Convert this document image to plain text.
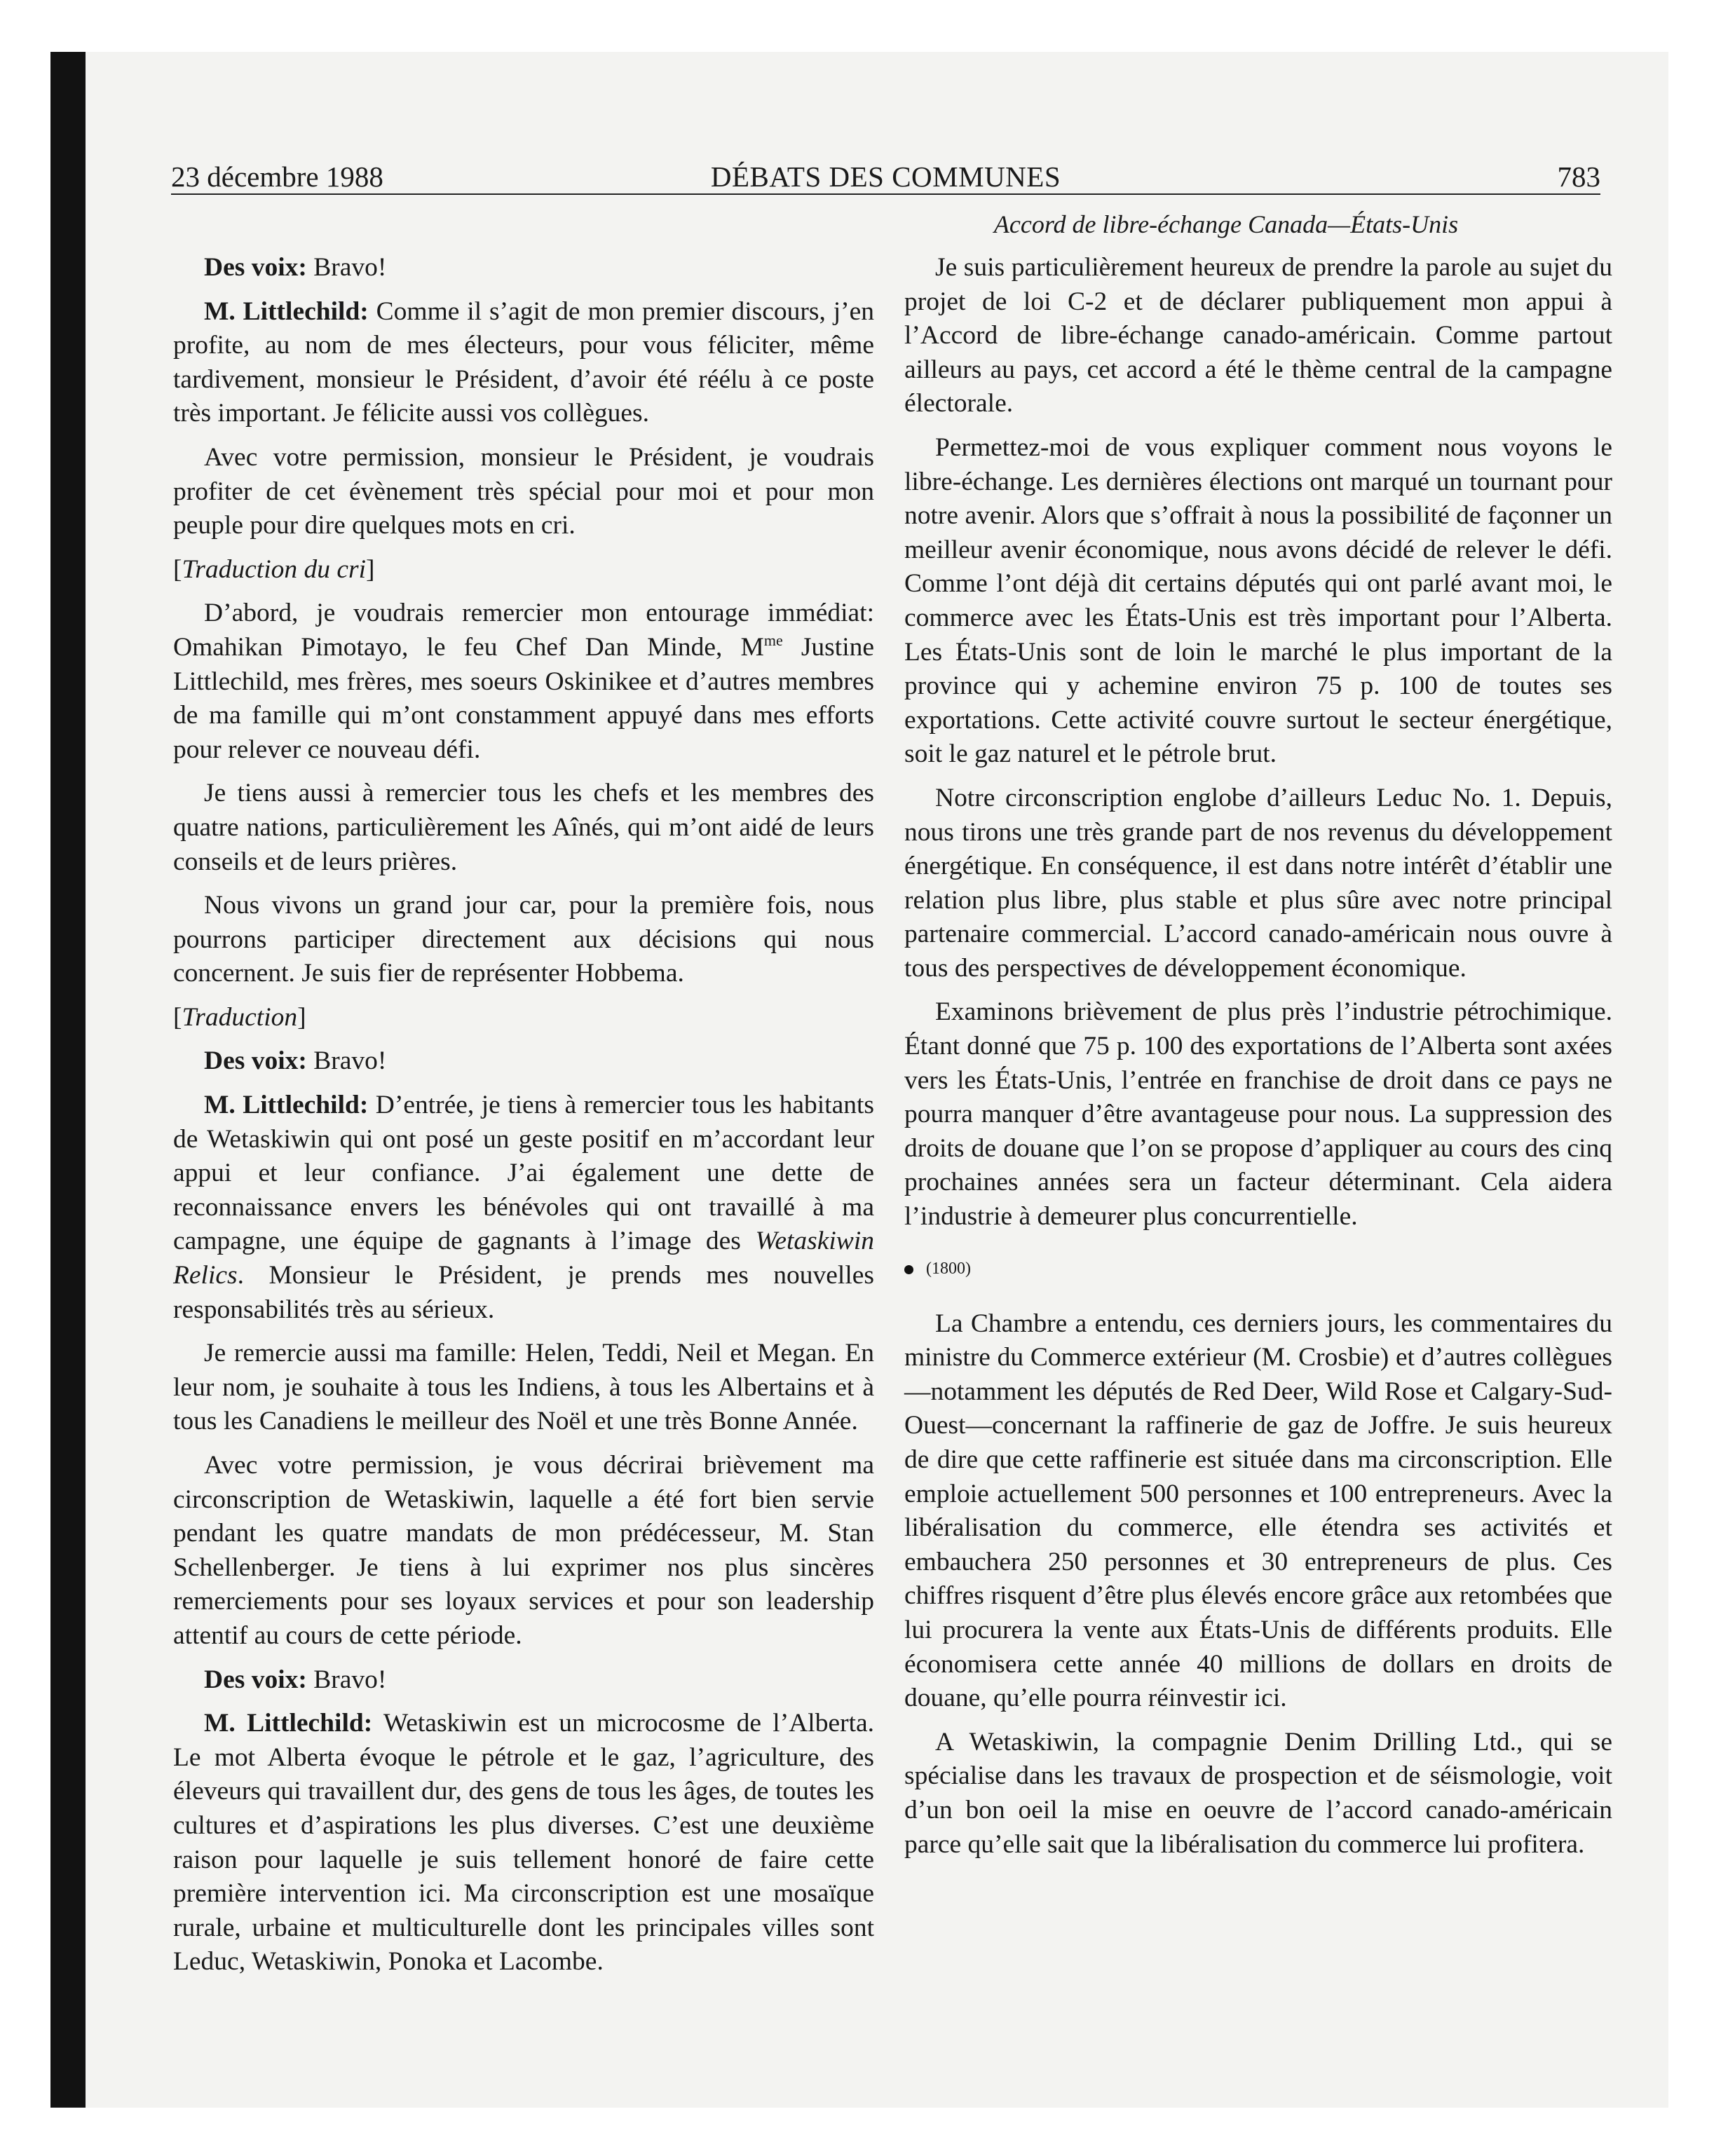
23 décembre 1988	DÉBATS DES COMMUNES	783
Accord de libre-échange Canada—États-Unis

Des voix: Bravo!

M. Littlechild: Comme il s’agit de mon premier discours, j’en profite, au nom de mes électeurs, pour vous féliciter, même tardivement, monsieur le Président, d’avoir été réélu à ce poste très important. Je félicite aussi vos collègues.

Avec votre permission, monsieur le Président, je voudrais profiter de cet évènement très spécial pour moi et pour mon peuple pour dire quelques mots en cri.

[Traduction du cri]

D’abord, je voudrais remercier mon entourage immédiat: Omahikan Pimotayo, le feu Chef Dan Minde, $M^{me}$ Justine Littlechild, mes frères, mes soeurs Oskinikee et d’autres membres de ma famille qui m’ont constamment appuyé dans mes efforts pour relever ce nouveau défi.

Je tiens aussi à remercier tous les chefs et les membres des quatre nations, particulièrement les Aînés, qui m’ont aidé de leurs conseils et de leurs prières.

Nous vivons un grand jour car, pour la première fois, nous pourrons participer directement aux décisions qui nous concernent. Je suis fier de représenter Hobbema.

[Traduction]

Des voix: Bravo!

M. Littlechild: D’entrée, je tiens à remercier tous les habitants de Wetaskiwin qui ont posé un geste positif en m’accordant leur appui et leur confiance. J’ai également une dette de reconnaissance envers les bénévoles qui ont travaillé à ma campagne, une équipe de gagnants à l’image des Wetaskiwin Relics. Monsieur le Président, je prends mes nouvelles responsabilités très au sérieux.

Je remercie aussi ma famille: Helen, Teddi, Neil et Megan. En leur nom, je souhaite à tous les Indiens, à tous les Albertains et à tous les Canadiens le meilleur des Noël et une très Bonne Année.

Avec votre permission, je vous décrirai brièvement ma circonscription de Wetaskiwin, laquelle a été fort bien servie pendant les quatre mandats de mon prédécesseur, M. Stan Schellenberger. Je tiens à lui exprimer nos plus sincères remerciements pour ses loyaux services et pour son leadership attentif au cours de cette période.

Des voix: Bravo!

M. Littlechild: Wetaskiwin est un microcosme de l’Alberta. Le mot Alberta évoque le pétrole et le gaz, l’agriculture, des éleveurs qui travaillent dur, des gens de tous les âges, de toutes les cultures et d’aspirations les plus diverses. C’est une deuxième raison pour laquelle je suis tellement honoré de faire cette première intervention ici. Ma circonscription est une mosaïque rurale, urbaine et multiculturelle dont les principales villes sont Leduc, Wetaskiwin, Ponoka et Lacombe.

Je suis particulièrement heureux de prendre la parole au sujet du projet de loi C-2 et de déclarer publiquement mon appui à l’Accord de libre-échange canado-américain. Comme partout ailleurs au pays, cet accord a été le thème central de la campagne électorale.

Permettez-moi de vous expliquer comment nous voyons le libre-échange. Les dernières élections ont marqué un tournant pour notre avenir. Alors que s’offrait à nous la possibilité de façonner un meilleur avenir économique, nous avons décidé de relever le défi. Comme l’ont déjà dit certains députés qui ont parlé avant moi, le commerce avec les États-Unis est très important pour l’Alberta. Les États-Unis sont de loin le marché le plus important de la province qui y achemine environ 75 p. 100 de toutes ses exportations. Cette activité couvre surtout le secteur énergétique, soit le gaz naturel et le pétrole brut.

Notre circonscription englobe d’ailleurs Leduc No. 1. Depuis, nous tirons une très grande part de nos revenus du développement énergétique. En conséquence, il est dans notre intérêt d’établir une relation plus libre, plus stable et plus sûre avec notre principal partenaire commercial. L’accord canado-américain nous ouvre à tous des perspectives de développement économique.

Examinons brièvement de plus près l’industrie pétrochimique. Étant donné que 75 p. 100 des exportations de l’Alberta sont axées vers les États-Unis, l’entrée en franchise de droit dans ce pays ne pourra manquer d’être avantageuse pour nous. La suppression des droits de douane que l’on se propose d’appliquer au cours des cinq prochaines années sera un facteur déterminant. Cela aidera l’industrie à demeurer plus concurrentielle.

(1800)

La Chambre a entendu, ces derniers jours, les commentaires du ministre du Commerce extérieur (M. Crosbie) et d’autres collègues—notamment les députés de Red Deer, Wild Rose et Calgary-Sud-Ouest—concernant la raffinerie de gaz de Joffre. Je suis heureux de dire que cette raffinerie est située dans ma circonscription. Elle emploie actuellement 500 personnes et 100 entrepreneurs. Avec la libéralisation du commerce, elle étendra ses activités et embauchera 250 personnes et 30 entrepreneurs de plus. Ces chiffres risquent d’être plus élevés encore grâce aux retombées que lui procurera la vente aux États-Unis de différents produits. Elle économisera cette année 40 millions de dollars en droits de douane, qu’elle pourra réinvestir ici.

A Wetaskiwin, la compagnie Denim Drilling Ltd., qui se spécialise dans les travaux de prospection et de séismologie, voit d’un bon oeil la mise en oeuvre de l’accord canado-américain parce qu’elle sait que la libéralisation du commerce lui profitera.
